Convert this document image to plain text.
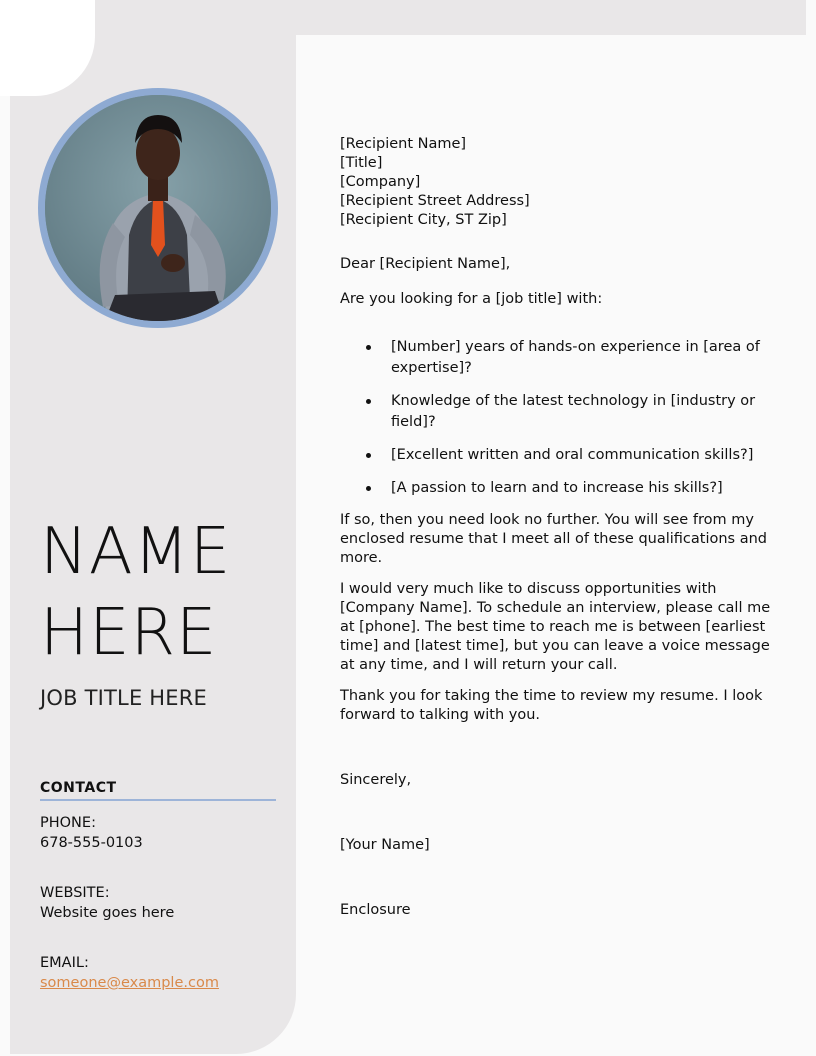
NAME
HERE
JOB TITLE HERE
CONTACT
PHONE:
678-555-0103
WEBSITE:
Website goes here
EMAIL:
someone@example.com
[Recipient Name]
[Title]
[Company]
[Recipient Street Address]
[Recipient City, ST Zip]

Dear [Recipient Name],

Are you looking for a [job title] with:

[Number] years of hands-on experience in [area of expertise]?
Knowledge of the latest technology in [industry or field]?
[Excellent written and oral communication skills?]
[A passion to learn and to increase his skills?]

If so, then you need look no further. You will see from my enclosed resume that I meet all of these qualifications and more.

I would very much like to discuss opportunities with [Company Name]. To schedule an interview, please call me at [phone]. The best time to reach me is between [earliest time] and [latest time], but you can leave a voice message at any time, and I will return your call.

Thank you for taking the time to review my resume. I look forward to talking with you.

Sincerely,

[Your Name]

Enclosure
